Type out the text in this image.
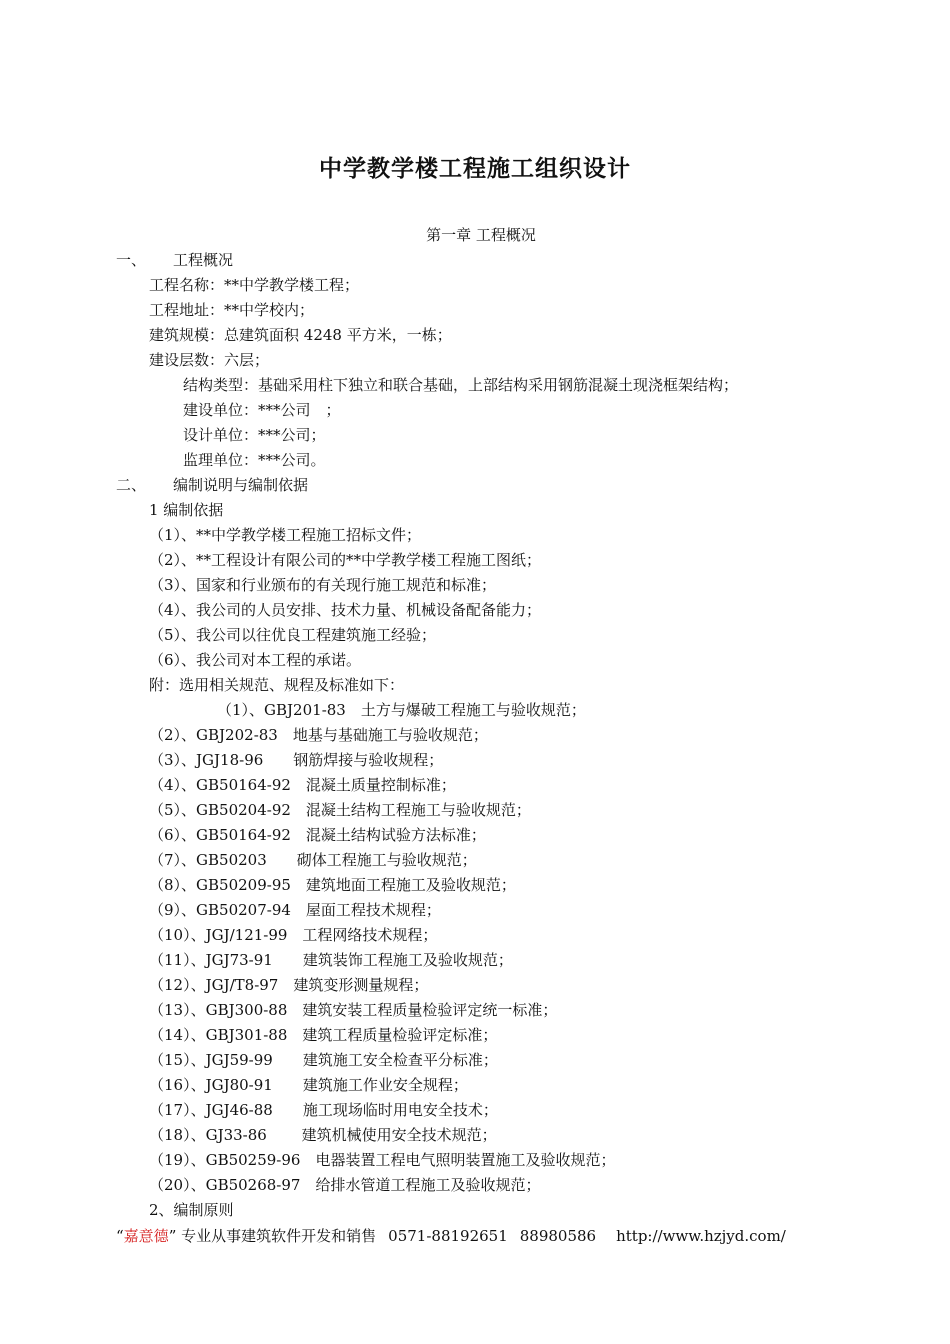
中学教学楼工程施工组织设计
第一章 工程概况
一、 工程概况
工程名称：**中学教学楼工程；
工程地址：**中学校内；
建筑规模：总建筑面积 4248 平方米，一栋；
建设层数：六层；
结构类型：基础采用柱下独立和联合基础，上部结构采用钢筋混凝土现浇框架结构；
建设单位：***公司　；
设计单位：***公司；
监理单位：***公司。
二、 编制说明与编制依据
1 编制依据
（1）、**中学教学楼工程施工招标文件；
（2）、**工程设计有限公司的**中学教学楼工程施工图纸；
（3）、国家和行业颁布的有关现行施工规范和标准；
（4）、我公司的人员安排、技术力量、机械设备配备能力；
（5）、我公司以往优良工程建筑施工经验；
（6）、我公司对本工程的承诺。
附：选用相关规范、规程及标准如下：
（1）、GBJ201-83　土方与爆破工程施工与验收规范；
（2）、GBJ202-83　地基与基础施工与验收规范；
（3）、JGJ18-96　　钢筋焊接与验收规程；
（4）、GB50164-92　混凝土质量控制标准；
（5）、GB50204-92　混凝土结构工程施工与验收规范；
（6）、GB50164-92　混凝土结构试验方法标准；
（7）、GB50203　　砌体工程施工与验收规范；
（8）、GB50209-95　建筑地面工程施工及验收规范；
（9）、GB50207-94　屋面工程技术规程；
（10）、JGJ/121-99　工程网络技术规程；
（11）、JGJ73-91　　建筑装饰工程施工及验收规范；
（12）、JGJ/T8-97　建筑变形测量规程；
（13）、GBJ300-88　建筑安装工程质量检验评定统一标准；
（14）、GBJ301-88　建筑工程质量检验评定标准；
（15）、JGJ59-99　　建筑施工安全检查平分标准；
（16）、JGJ80-91　　建筑施工作业安全规程；
（17）、JGJ46-88　　施工现场临时用电安全技术；
（18）、GJ33-86　　 建筑机械使用安全技术规范；
（19）、GB50259-96　电器装置工程电气照明装置施工及验收规范；
（20）、GB50268-97　给排水管道工程施工及验收规范；
2、编制原则
“嘉意德” 专业从事建筑软件开发和销售 0571-88192651 88980586 http://www.hzjyd.com/
